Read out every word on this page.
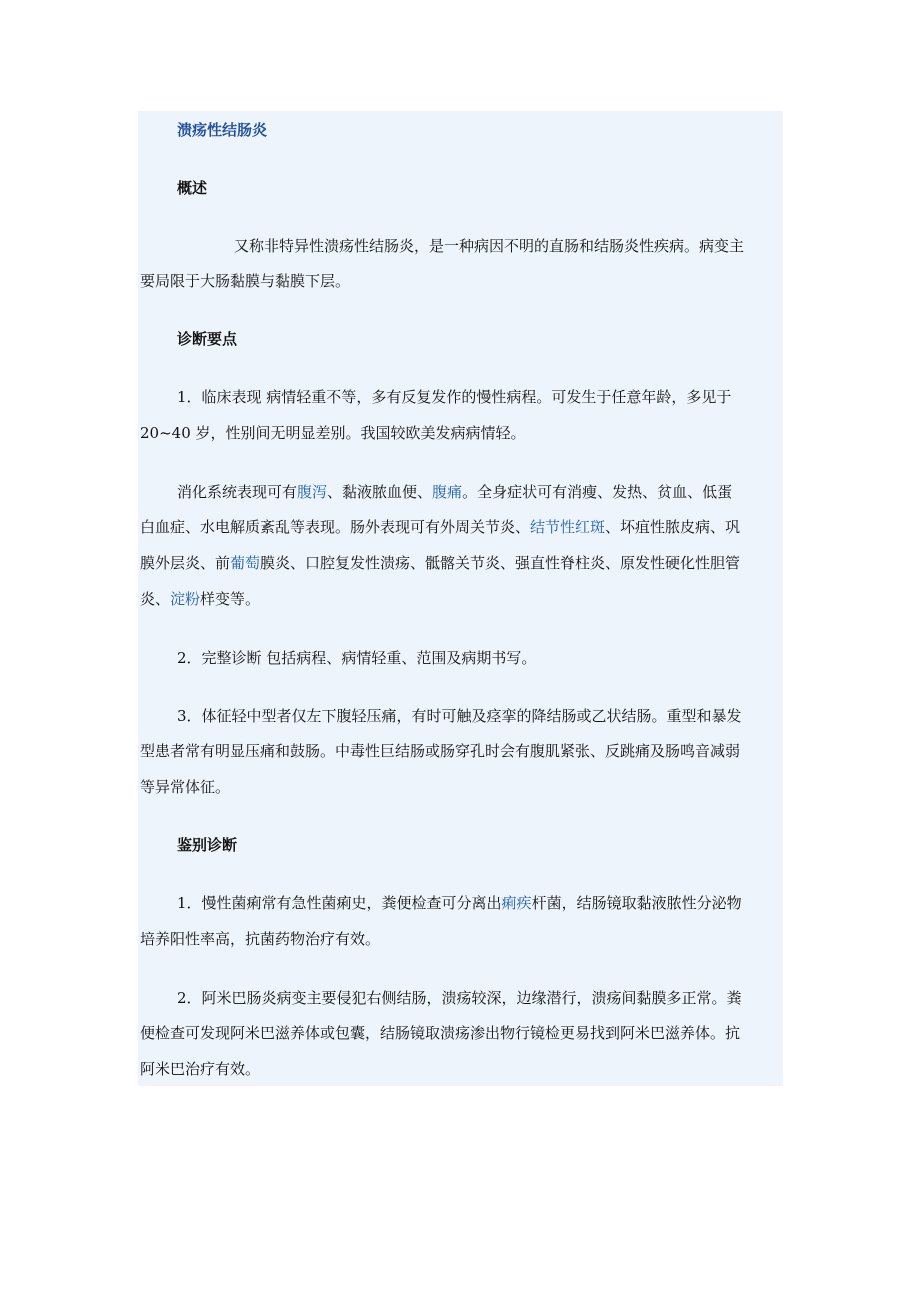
溃疡性结肠炎
概述
又称非特异性溃疡性结肠炎，是一种病因不明的直肠和结肠炎性疾病。病变主
要局限于大肠黏膜与黏膜下层。
诊断要点
1．临床表现 病情轻重不等，多有反复发作的慢性病程。可发生于任意年龄，多见于
20~40 岁，性别间无明显差别。我国较欧美发病病情轻。
消化系统表现可有腹泻、黏液脓血便、腹痛。全身症状可有消瘦、发热、贫血、低蛋
白血症、水电解质紊乱等表现。肠外表现可有外周关节炎、结节性红斑、坏疽性脓皮病、巩
膜外层炎、前葡萄膜炎、口腔复发性溃疡、骶髂关节炎、强直性脊柱炎、原发性硬化性胆管
炎、淀粉样变等。
2．完整诊断 包括病程、病情轻重、范围及病期书写。
3．体征轻中型者仅左下腹轻压痛，有时可触及痉挛的降结肠或乙状结肠。重型和暴发
型患者常有明显压痛和鼓肠。中毒性巨结肠或肠穿孔时会有腹肌紧张、反跳痛及肠鸣音减弱
等异常体征。
鉴别诊断
1．慢性菌痢常有急性菌痢史，粪便检查可分离出痢疾杆菌，结肠镜取黏液脓性分泌物
培养阳性率高，抗菌药物治疗有效。
2．阿米巴肠炎病变主要侵犯右侧结肠，溃疡较深，边缘潜行，溃疡间黏膜多正常。粪
便检查可发现阿米巴滋养体或包囊，结肠镜取溃疡渗出物行镜检更易找到阿米巴滋养体。抗
阿米巴治疗有效。
